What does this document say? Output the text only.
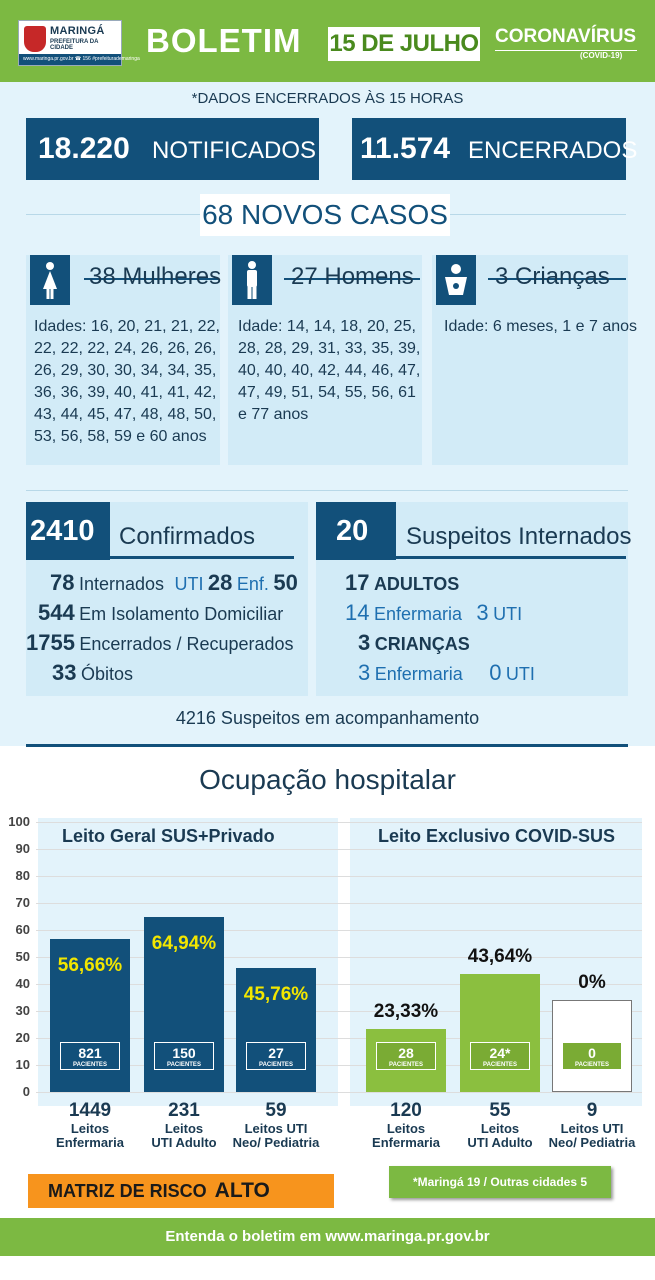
MARINGÁ
PREFEITURA DA CIDADE
www.maringa.pr.gov.br ☎ 156 #prefeiturademaringa BOLETIM 15 DE JULHO CORONAVÍRUS
(COVID-19)
*DADOS ENCERRADOS ÀS 15 HORAS
18.220 NOTIFICADOS 11.574 ENCERRADOS
68 NOVOS CASOS
38 Mulheres
Idades: 16, 20, 21, 21, 22,
22, 22, 22, 24, 26, 26, 26,
26, 29, 30, 30, 34, 34, 35,
36, 36, 39, 40, 41, 41, 42,
43, 44, 45, 47, 48, 48, 50,
53, 56, 58, 59 e 60 anos
27 Homens
Idade: 14, 14, 18, 20, 25,
28, 28, 29, 31, 33, 35, 39,
40, 40, 40, 42, 44, 46, 47,
47, 49, 51, 54, 55, 56, 61
e 77 anos
3 Crianças
Idade: 6 meses, 1 e 7 anos
2410 Confirmados
78 Internados UTI 28 Enf. 50
544 Em Isolamento Domiciliar
1755 Encerrados / Recuperados
33 Óbitos
20 Suspeitos Internados
17 ADULTOS
14 Enfermaria 3 UTI
3 CRIANÇAS
3 Enfermaria 0 UTI
4216 Suspeitos em acompanhamento
Ocupação hospitalar
Leito Geral SUS+Privado	Leito Exclusivo COVID-SUS
100
90
80
70
60
50
40
30
20
10
0
56,66%
821
PACIENTES
1449
Leitos
Enfermaria
64,94%
150
PACIENTES
231
Leitos
UTI Adulto
45,76%
27
PACIENTES
59
Leitos UTI
Neo/ Pediatria
23,33%
28
PACIENTES
120
Leitos
Enfermaria
43,64%
24*
PACIENTES
55
Leitos
UTI Adulto
0%
0
PACIENTES
9
Leitos UTI
Neo/ Pediatria
MATRIZ DE RISCO ALTO	*Maringá 19 / Outras cidades 5
Entenda o boletim em www.maringa.pr.gov.br
